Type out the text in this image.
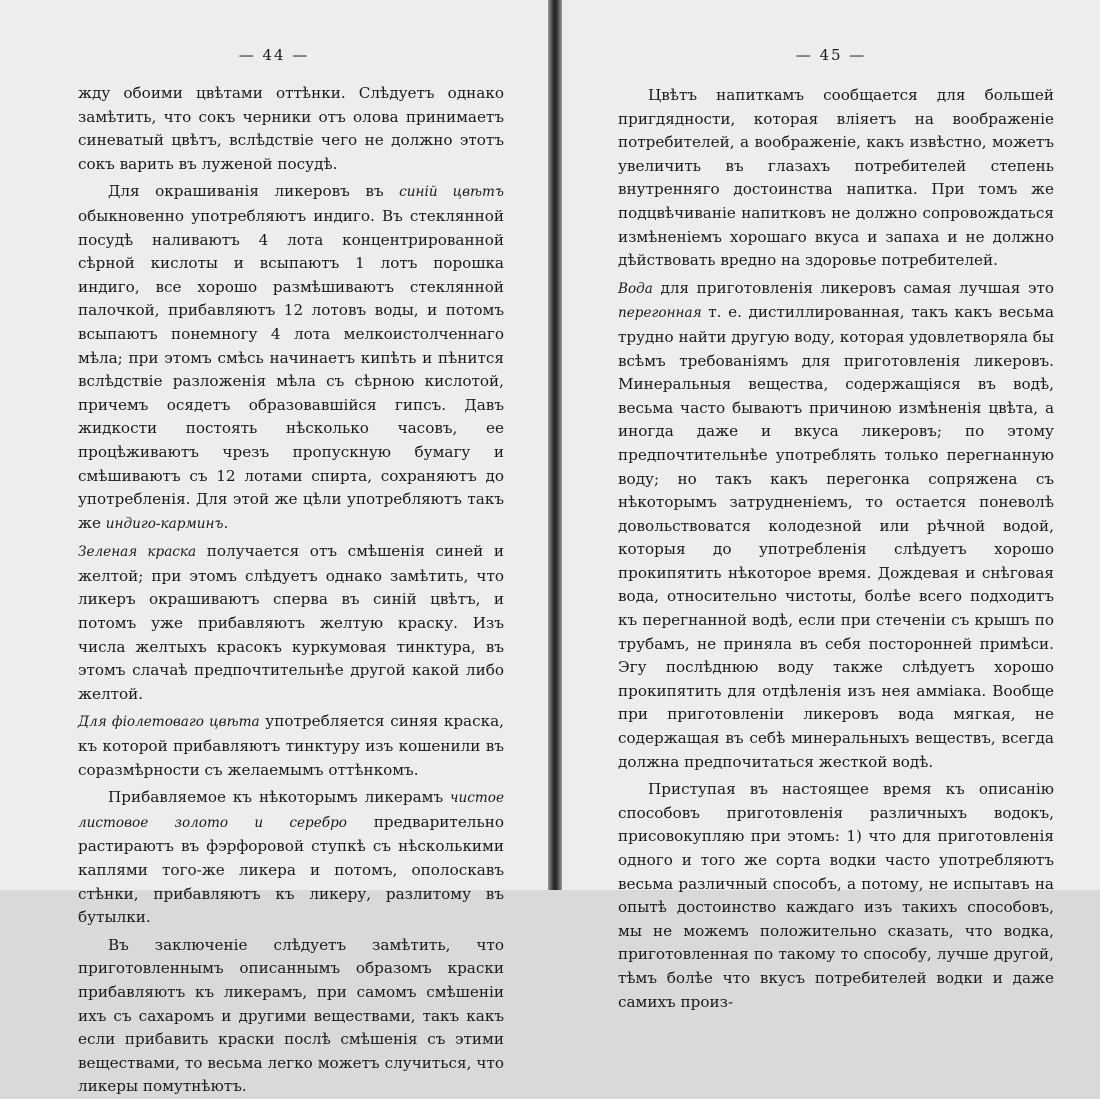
— 44 —

жду обоими цвѣтами оттѣнки. Слѣдуетъ однако замѣтить, что сокъ черники отъ олова принимаетъ синеватый цвѣтъ, вслѣдствіе чего не должно этотъ сокъ варить въ луженой посудѣ.

Для окрашиванія ликеровъ въ синій цвѣтъ обыкновенно употребляютъ индиго. Въ стеклянной посудѣ наливаютъ 4 лота концентрированной сѣрной кислоты и всыпаютъ 1 лотъ порошка индиго, все хорошо размѣшиваютъ стеклянной палочкой, прибавляютъ 12 лотовъ воды, и потомъ всыпаютъ понемногу 4 лота мелкоистолченнаго мѣла; при этомъ смѣсь начинаетъ кипѣть и пѣнится вслѣдствіе разложенія мѣла съ сѣрною кислотой, причемъ осядетъ образовавшійся гипсъ. Давъ жидкости постоять нѣсколько часовъ, ее процѣживаютъ чрезъ пропускную бумагу и смѣшиваютъ съ 12 лотами спирта, сохраняютъ до употребленія. Для этой же цѣли употребляютъ такъ же индиго-карминъ.

Зеленая краска получается отъ смѣшенія синей и желтой; при этомъ слѣдуетъ однако замѣтить, что ликеръ окрашиваютъ сперва въ синій цвѣтъ, и потомъ уже прибавляютъ желтую краску. Изъ числа желтыхъ красокъ куркумовая тинктура, въ этомъ слачаѣ предпочтительнѣе другой какой либо желтой.

Для фіолетоваго цвѣта употребляется синяя краска, къ которой прибавляютъ тинктуру изъ кошенили въ соразмѣрности съ желаемымъ оттѣнкомъ.

Прибавляемое къ нѣкоторымъ ликерамъ чистое листовое золото и серебро предварительно растираютъ въ фэрфоровой ступкѣ съ нѣсколькими каплями того-же ликера и потомъ, ополоскавъ стѣнки, прибавляютъ къ ликеру, разлитому въ бутылки.

Въ заключеніе слѣдуетъ замѣтить, что приготовленнымъ описаннымъ образомъ краски прибавляютъ къ ликерамъ, при самомъ смѣшеніи ихъ съ сахаромъ и другими веществами, такъ какъ если прибавить краски послѣ смѣшенія съ этими веществами, то весьма легко можетъ случиться, что ликеры помутнѣютъ.

— 45 —

Цвѣтъ напиткамъ сообщается для большей пригдядности, которая влiяетъ на воображеніе потребителей, а воображеніе, какъ извѣстно, можетъ увеличить въ глазахъ потребителей степень внутренняго достоинства напитка. При томъ же подцвѣчиваніе напитковъ не должно сопровождаться измѣненіемъ хорошаго вкуса и запаха и не должно дѣйствовать вредно на здоровье потребителей.

Вода для приготовленія ликеровъ самая лучшая это перегонная т. е. дистиллированная, такъ какъ весьма трудно найти другую воду, которая удовлетворяла бы всѣмъ требованіямъ для приготовленія ликеровъ. Минеральныя вещества, содержащіяся въ водѣ, весьма часто бываютъ причиною измѣненія цвѣта, а иногда даже и вкуса ликеровъ; по этому предпочтительнѣе употреблять только перегнанную воду; но такъ какъ перегонка сопряжена съ нѣкоторымъ затрудненіемъ, то остается поневолѣ довольствоватся колодезной или рѣчной водой, которыя до употребленія слѣдуетъ хорошо прокипятить нѣкоторое время. Дождевая и снѣговая вода, относительно чистоты, болѣе всего подходитъ къ перегнанной водѣ, если при стеченіи съ крышъ по трубамъ, не приняла въ себя посторонней примѣси. Эгу послѣднюю воду также слѣдуетъ хорошо прокипятить для отдѣленія изъ нея аммiака. Вообще при приготовленіи ликеровъ вода мягкая, не содержащая въ себѣ минеральныхъ веществъ, всегда должна предпочитаться жесткой водѣ.

Приступая въ настоящее время къ описанію способовъ приготовленія различныхъ водокъ, присовокупляю при этомъ: 1) что для приготовленія одного и того же сорта водки часто употребляютъ весьма различный способъ, а потому, не испытавъ на опытѣ достоинство каждаго изъ такихъ способовъ, мы не можемъ положительно сказать, что водка, приготовленная по такому то способу, лучше другой, тѣмъ болѣе что вкусъ потребителей водки и даже самихъ произ-
